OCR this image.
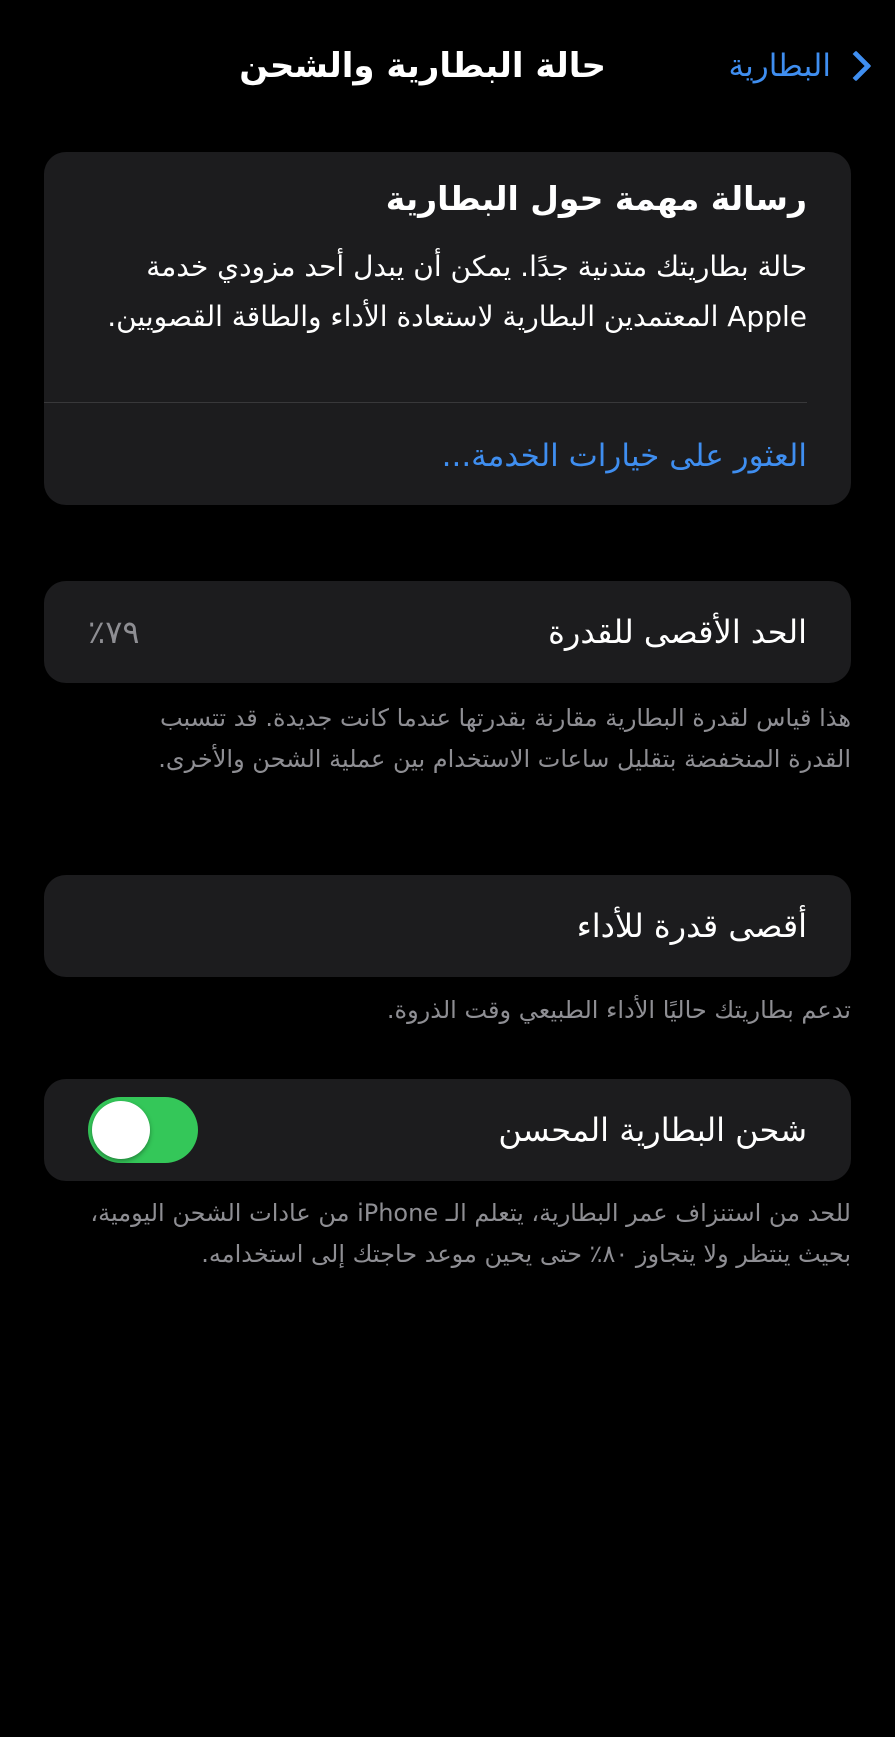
حالة البطارية والشحن	البطارية
رسالة مهمة حول البطارية
حالة بطاريتك متدنية جدًا. يمكن أن يبدل أحد مزودي خدمة Apple المعتمدين البطارية لاستعادة الأداء والطاقة القصويين.
العثور على خيارات الخدمة...
الحد الأقصى للقدرة
٧٩٪
هذا قياس لقدرة البطارية مقارنة بقدرتها عندما كانت جديدة. قد تتسبب القدرة المنخفضة بتقليل ساعات الاستخدام بين عملية الشحن والأخرى.
أقصى قدرة للأداء
تدعم بطاريتك حاليًا الأداء الطبيعي وقت الذروة.
شحن البطارية المحسن
للحد من استنزاف عمر البطارية، يتعلم الـ iPhone من عادات الشحن اليومية، بحيث ينتظر ولا يتجاوز ٨٠٪ حتى يحين موعد حاجتك إلى استخدامه.
